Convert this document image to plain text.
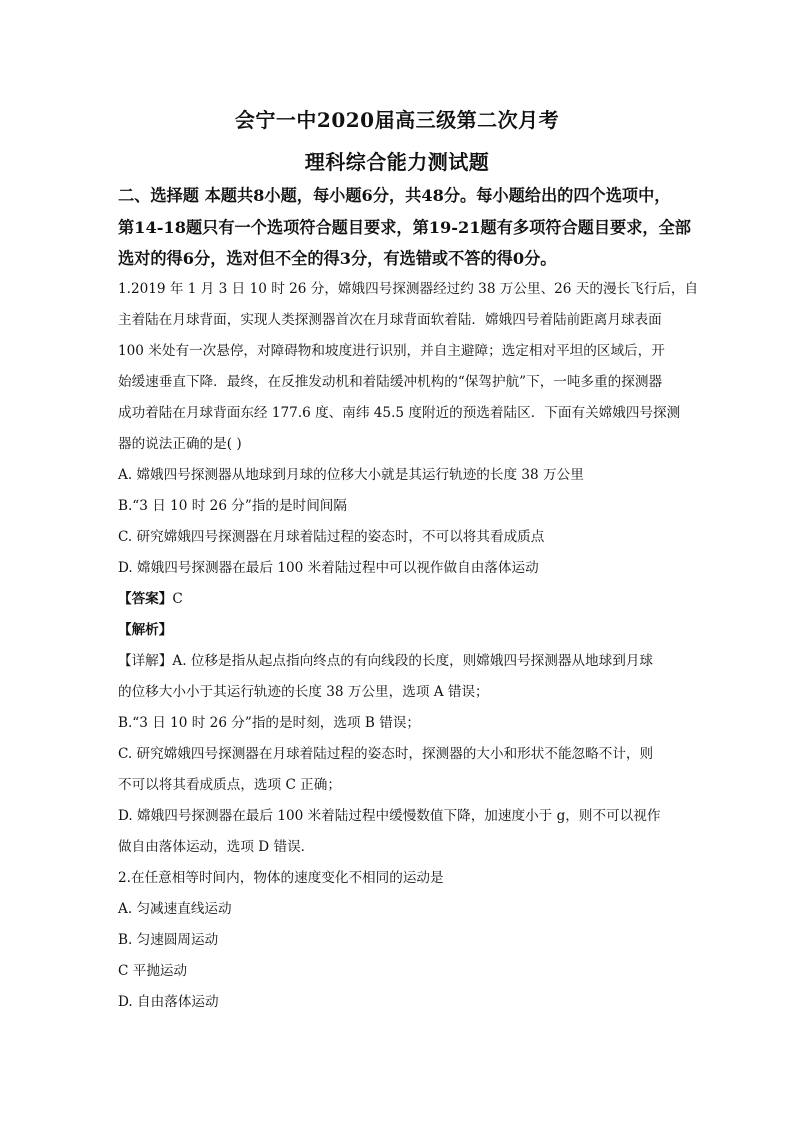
会宁一中2020届高三级第二次月考
理科综合能力测试题
二、选择题 本题共8小题，每小题6分，共48分。每小题给出的四个选项中，
第14-18题只有一个选项符合题目要求，第19-21题有多项符合题目要求，全部
选对的得6分，选对但不全的得3分，有选错或不答的得0分。
1.2019 年 1 月 3 日 10 时 26 分，嫦娥四号探测器经过约 38 万公里、26 天的漫长飞行后，自
主着陆在月球背面，实现人类探测器首次在月球背面软着陆．嫦娥四号着陆前距离月球表面
100 米处有一次悬停，对障碍物和坡度进行识别，并自主避障；选定相对平坦的区域后，开
始缓速垂直下降．最终，在反推发动机和着陆缓冲机构的“保驾护航”下，一吨多重的探测器
成功着陆在月球背面东经 177.6 度、南纬 45.5 度附近的预选着陆区．下面有关嫦娥四号探测
器的说法正确的是( )
A. 嫦娥四号探测器从地球到月球的位移大小就是其运行轨迹的长度 38 万公里
B.“3 日 10 时 26 分”指的是时间间隔
C. 研究嫦娥四号探测器在月球着陆过程的姿态时，不可以将其看成质点
D. 嫦娥四号探测器在最后 100 米着陆过程中可以视作做自由落体运动
【答案】C
【解析】
【详解】A. 位移是指从起点指向终点的有向线段的长度，则嫦娥四号探测器从地球到月球
的位移大小小于其运行轨迹的长度 38 万公里，选项 A 错误；
B.“3 日 10 时 26 分”指的是时刻，选项 B 错误；
C. 研究嫦娥四号探测器在月球着陆过程的姿态时，探测器的大小和形状不能忽略不计，则
不可以将其看成质点，选项 C 正确；
D. 嫦娥四号探测器在最后 100 米着陆过程中缓慢数值下降，加速度小于 g，则不可以视作
做自由落体运动，选项 D 错误．
2.在任意相等时间内，物体的速度变化不相同的运动是
A. 匀减速直线运动
B. 匀速圆周运动
C 平抛运动
D. 自由落体运动
